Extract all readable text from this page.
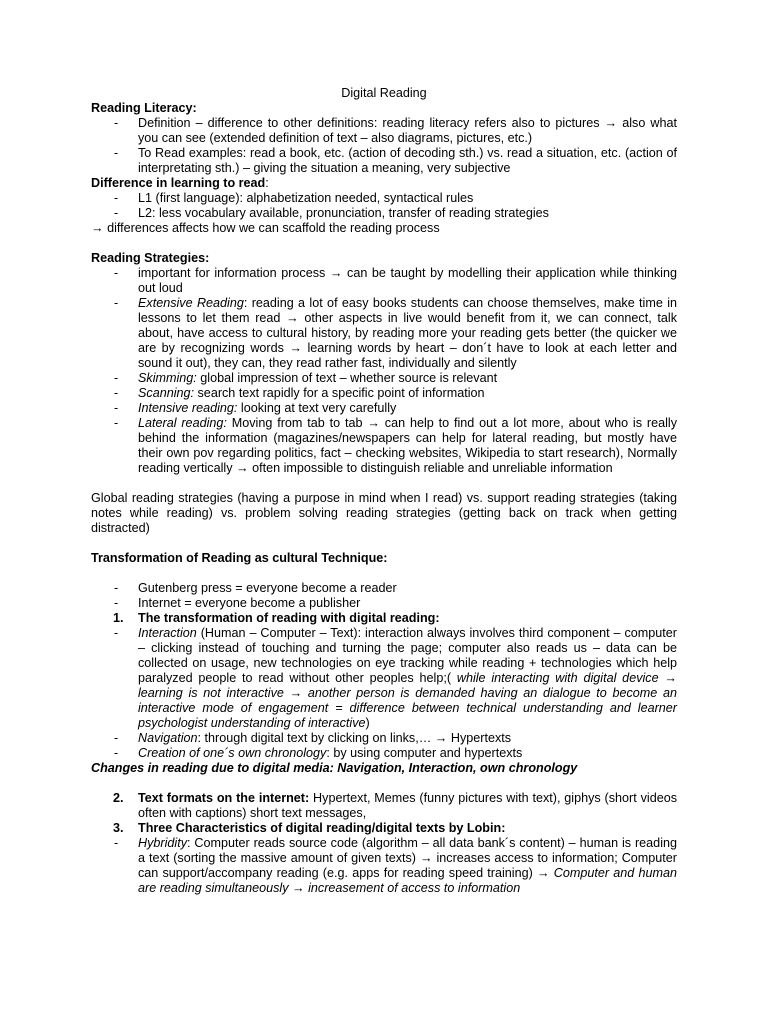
Digital Reading
Reading Literacy:
- Definition – difference to other definitions: reading literacy refers also to pictures → also what you can see (extended definition of text – also diagrams, pictures, etc.)
- To Read examples: read a book, etc. (action of decoding sth.) vs. read a situation, etc. (action of interpretating sth.) – giving the situation a meaning, very subjective
Difference in learning to read:
- L1 (first language): alphabetization needed, syntactical rules
- L2: less vocabulary available, pronunciation, transfer of reading strategies
→ differences affects how we can scaffold the reading process
Reading Strategies:
- important for information process → can be taught by modelling their application while thinking out loud
- Extensive Reading: reading a lot of easy books students can choose themselves, make time in lessons to let them read → other aspects in live would benefit from it, we can connect, talk about, have access to cultural history, by reading more your reading gets better (the quicker we are by recognizing words → learning words by heart – don´t have to look at each letter and sound it out), they can, they read rather fast, individually and silently
- Skimming: global impression of text – whether source is relevant
- Scanning: search text rapidly for a specific point of information
- Intensive reading: looking at text very carefully
- Lateral reading: Moving from tab to tab → can help to find out a lot more, about who is really behind the information (magazines/newspapers can help for lateral reading, but mostly have their own pov regarding politics, fact – checking websites, Wikipedia to start research), Normally reading vertically → often impossible to distinguish reliable and unreliable information
Global reading strategies (having a purpose in mind when I read) vs. support reading strategies (taking notes while reading) vs. problem solving reading strategies (getting back on track when getting distracted)
Transformation of Reading as cultural Technique:
- Gutenberg press = everyone become a reader
- Internet = everyone become a publisher
1. The transformation of reading with digital reading:
- Interaction (Human – Computer – Text): interaction always involves third component – computer – clicking instead of touching and turning the page; computer also reads us – data can be collected on usage, new technologies on eye tracking while reading + technologies which help paralyzed people to read without other peoples help;( while interacting with digital device → learning is not interactive → another person is demanded having an dialogue to become an interactive mode of engagement = difference between technical understanding and learner psychologist understanding of interactive)
- Navigation: through digital text by clicking on links,… → Hypertexts
- Creation of one´s own chronology: by using computer and hypertexts
Changes in reading due to digital media: Navigation, Interaction, own chronology
2. Text formats on the internet: Hypertext, Memes (funny pictures with text), giphys (short videos often with captions) short text messages,
3. Three Characteristics of digital reading/digital texts by Lobin:
- Hybridity: Computer reads source code (algorithm – all data bank´s content) – human is reading a text (sorting the massive amount of given texts) → increases access to information; Computer can support/accompany reading (e.g. apps for reading speed training) → Computer and human are reading simultaneously → increasement of access to information
